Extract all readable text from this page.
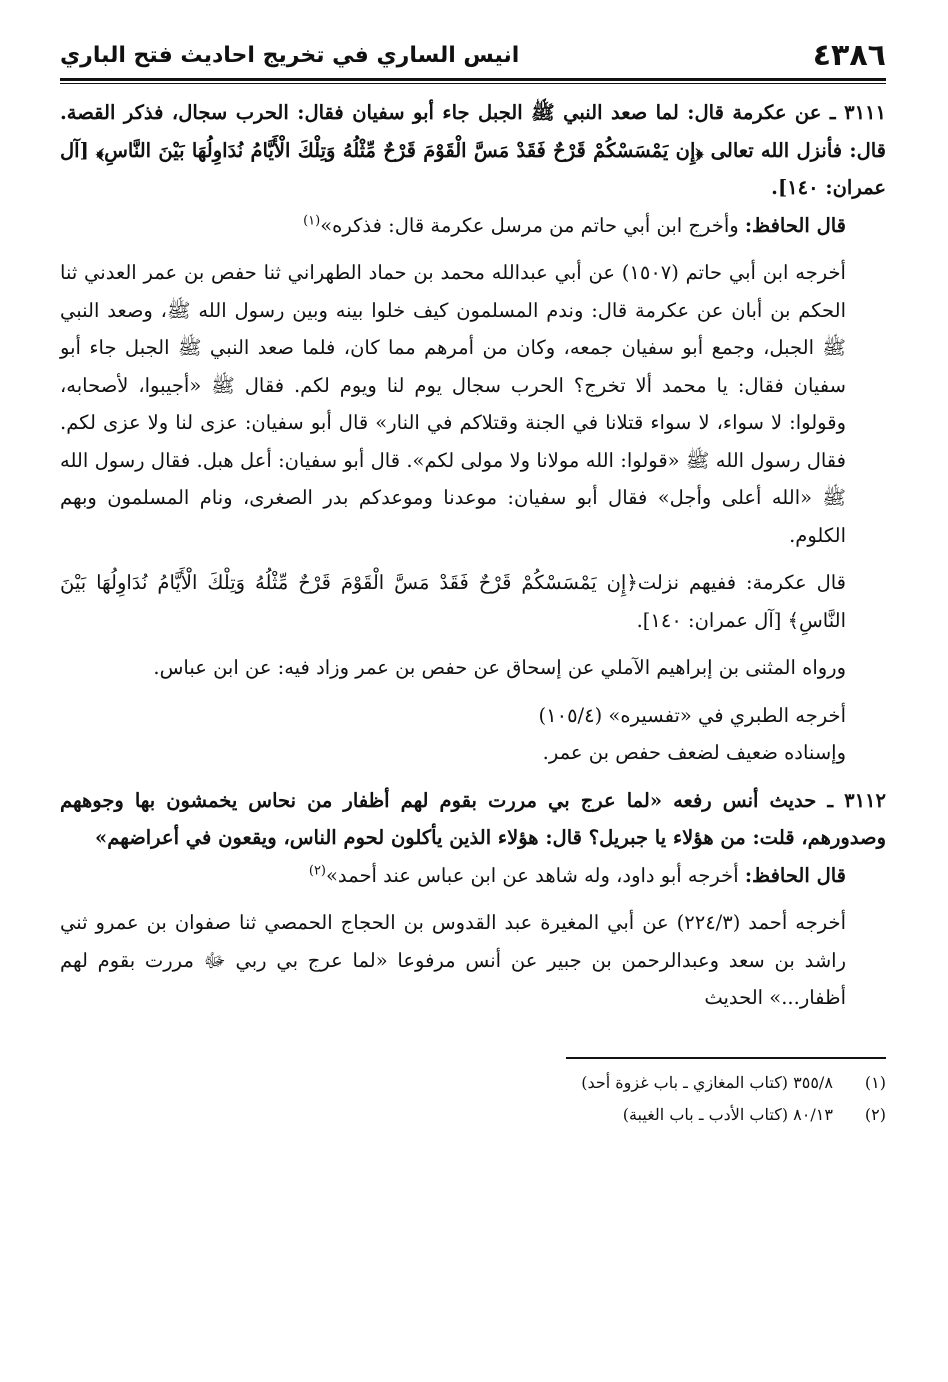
٤٣٨٦
انيس الساري في تخريج احاديث فتح الباري

٣١١١ ـ عن عكرمة قال: لما صعد النبي ﷺ الجبل جاء أبو سفيان فقال: الحرب سجال، فذكر القصة. قال: فأنزل الله تعالى ﴿إِن يَمْسَسْكُمْ قَرْحٌ فَقَدْ مَسَّ الْقَوْمَ قَرْحٌ مِّثْلُهُ وَتِلْكَ الْأَيَّامُ نُدَاوِلُهَا بَيْنَ النَّاسِ﴾ [آل عمران: ١٤٠].

قال الحافظ: وأخرج ابن أبي حاتم من مرسل عكرمة قال: فذكره»$^{(١)}$

أخرجه ابن أبي حاتم (١٥٠٧) عن أبي عبدالله محمد بن حماد الطهراني ثنا حفص بن عمر العدني ثنا الحكم بن أبان عن عكرمة قال: وندم المسلمون كيف خلوا بينه وبين رسول الله ﷺ، وصعد النبي ﷺ الجبل، وجمع أبو سفيان جمعه، وكان من أمرهم مما كان، فلما صعد النبي ﷺ الجبل جاء أبو سفيان فقال: يا محمد ألا تخرج؟ الحرب سجال يوم لنا ويوم لكم. فقال ﷺ «أجيبوا، لأصحابه، وقولوا: لا سواء، لا سواء قتلانا في الجنة وقتلاكم في النار» قال أبو سفيان: عزى لنا ولا عزى لكم. فقال رسول الله ﷺ «قولوا: الله مولانا ولا مولى لكم». قال أبو سفيان: أعل هبل. فقال رسول الله ﷺ «الله أعلى وأجل» فقال أبو سفيان: موعدنا وموعدكم بدر الصغرى، ونام المسلمون وبهم الكلوم.

قال عكرمة: ففيهم نزلت﴿إِن يَمْسَسْكُمْ قَرْحٌ فَقَدْ مَسَّ الْقَوْمَ قَرْحٌ مِّثْلُهُ وَتِلْكَ الْأَيَّامُ نُدَاوِلُهَا بَيْنَ النَّاسِ﴾ [آل عمران: ١٤٠].

ورواه المثنى بن إبراهيم الآملي عن إسحاق عن حفص بن عمر وزاد فيه: عن ابن عباس.

أخرجه الطبري في «تفسيره» (١٠٥/٤)

وإسناده ضعيف لضعف حفص بن عمر.

٣١١٢ ـ حديث أنس رفعه «لما عرج بي مررت بقوم لهم أظفار من نحاس يخمشون بها وجوههم وصدورهم، قلت: من هؤلاء يا جبريل؟ قال: هؤلاء الذين يأكلون لحوم الناس، ويقعون في أعراضهم»

قال الحافظ: أخرجه أبو داود، وله شاهد عن ابن عباس عند أحمد»$^{(٢)}$

أخرجه أحمد (٢٢٤/٣) عن أبي المغيرة عبد القدوس بن الحجاج الحمصي ثنا صفوان بن عمرو ثني راشد بن سعد وعبدالرحمن بن جبير عن أنس مرفوعا «لما عرج بي ربي ﷻ مررت بقوم لهم أظفار...» الحديث

(١) ٣٥٥/٨ (كتاب المغازي ـ باب غزوة أحد)
(٢) ٨٠/١٣ (كتاب الأدب ـ باب الغيبة)
